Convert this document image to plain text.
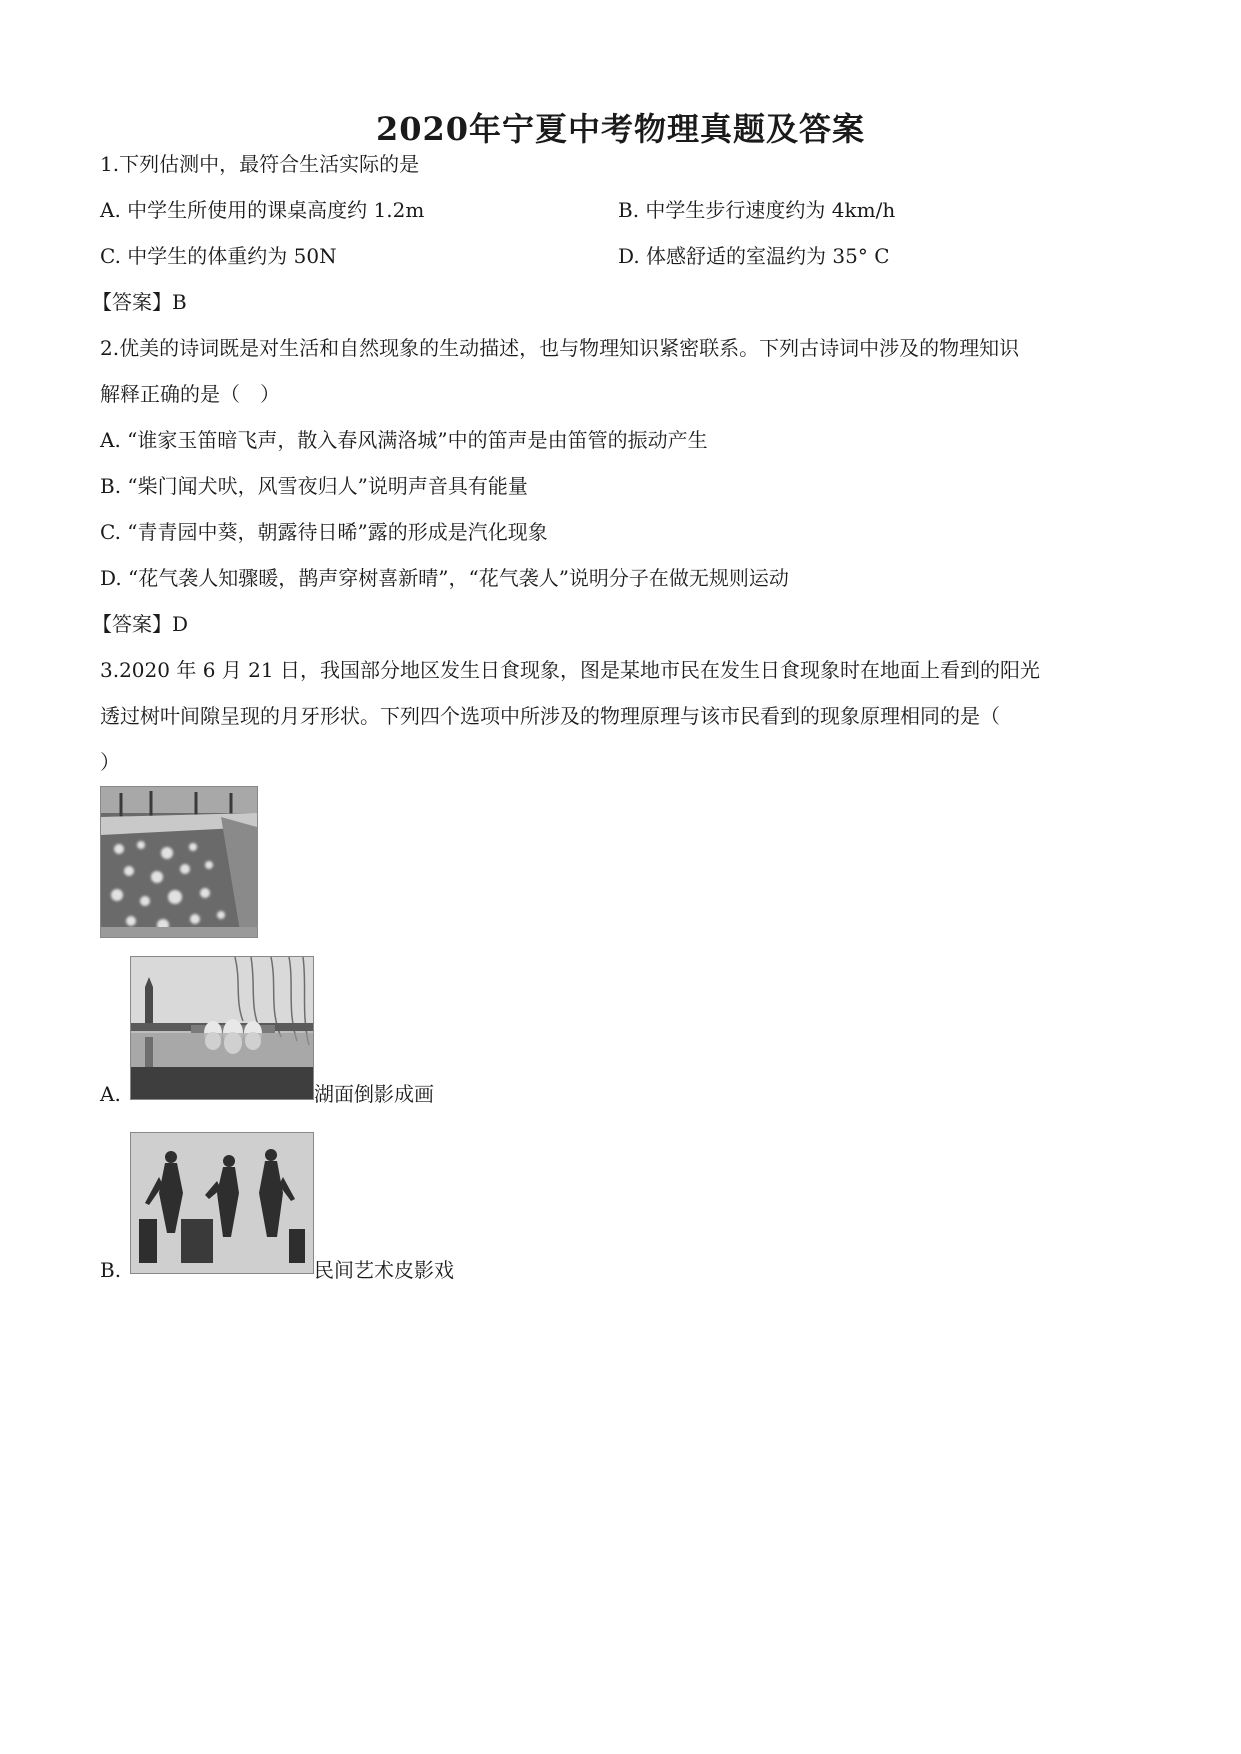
2020年宁夏中考物理真题及答案
1.下列估测中，最符合生活实际的是
A. 中学生所使用的课桌高度约 1.2m	B. 中学生步行速度约为 4km/h
C. 中学生的体重约为 50N	D. 体感舒适的室温约为 35° C
【答案】B
2.优美的诗词既是对生活和自然现象的生动描述，也与物理知识紧密联系。下列古诗词中涉及的物理知识
解释正确的是（　）
A. “谁家玉笛暗飞声，散入春风满洛城”中的笛声是由笛管的振动产生
B. “柴门闻犬吠，风雪夜归人”说明声音具有能量
C. “青青园中葵，朝露待日晞”露的形成是汽化现象
D. “花气袭人知骤暖，鹊声穿树喜新晴”，“花气袭人”说明分子在做无规则运动
【答案】D
3.2020 年 6 月 21 日，我国部分地区发生日食现象，图是某地市民在发生日食现象时在地面上看到的阳光
透过树叶间隙呈现的月牙形状。下列四个选项中所涉及的物理原理与该市民看到的现象原理相同的是（
）
A.	湖面倒影成画
B.	民间艺术皮影戏
